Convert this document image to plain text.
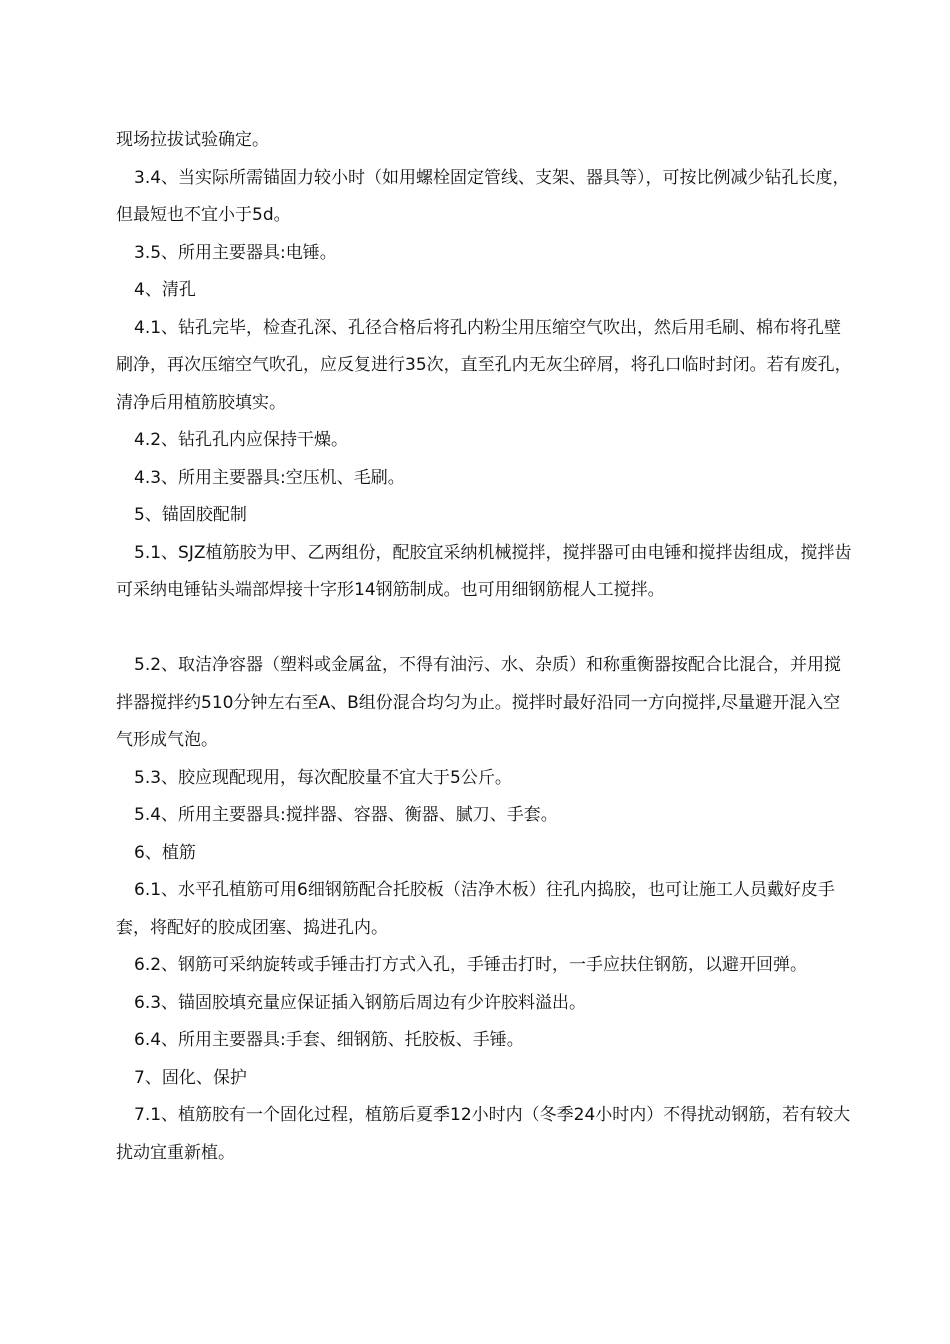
现场拉拔试验确定。

3.4、当实际所需锚固力较小时（如用螺栓固定管线、支架、器具等），可按比例减少钻孔长度，但最短也不宜小于5d。

3.5、所用主要器具:电锤。

4、清孔

4.1、钻孔完毕，检查孔深、孔径合格后将孔内粉尘用压缩空气吹出，然后用毛刷、棉布将孔壁刷净，再次压缩空气吹孔，应反复进行35次，直至孔内无灰尘碎屑，将孔口临时封闭。若有废孔，清净后用植筋胶填实。

4.2、钻孔孔内应保持干燥。

4.3、所用主要器具:空压机、毛刷。

5、锚固胶配制

5.1、SJZ植筋胶为甲、乙两组份，配胶宜采纳机械搅拌，搅拌器可由电锤和搅拌齿组成，搅拌齿可采纳电锤钻头端部焊接十字形14钢筋制成。也可用细钢筋棍人工搅拌。

5.2、取洁净容器（塑料或金属盆，不得有油污、水、杂质）和称重衡器按配合比混合，并用搅拌器搅拌约510分钟左右至A、B组份混合均匀为止。搅拌时最好沿同一方向搅拌,尽量避开混入空气形成气泡。

5.3、胶应现配现用，每次配胶量不宜大于5公斤。

5.4、所用主要器具:搅拌器、容器、衡器、腻刀、手套。

6、植筋

6.1、水平孔植筋可用6细钢筋配合托胶板（洁净木板）往孔内捣胶，也可让施工人员戴好皮手套，将配好的胶成团塞、捣进孔内。

6.2、钢筋可采纳旋转或手锤击打方式入孔，手锤击打时，一手应扶住钢筋，以避开回弹。

6.3、锚固胶填充量应保证插入钢筋后周边有少许胶料溢出。

6.4、所用主要器具:手套、细钢筋、托胶板、手锤。

7、固化、保护

7.1、植筋胶有一个固化过程，植筋后夏季12小时内（冬季24小时内）不得扰动钢筋，若有较大扰动宜重新植。
